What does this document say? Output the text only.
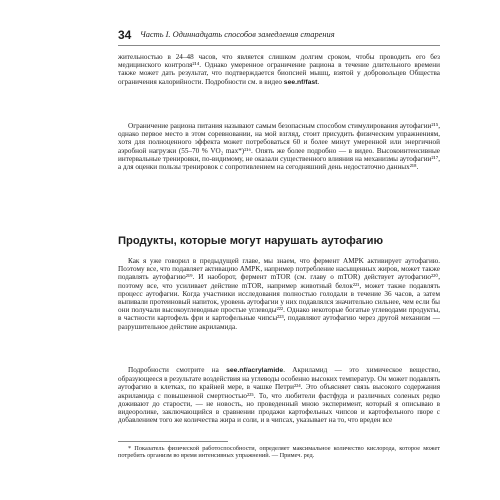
34 Часть I. Одиннадцать способов замедления старения

жительностью в 24–48 часов, что является слишком долгим сроком, чтобы проводить его без медицинского контроля²¹⁴. Однако умеренное ограничение рациона в течение длительного времени также может дать результат, что подтверждается биопсией мышц, взятой у добровольцев Общества ограничения калорийности. Подробности см. в видео see.nf/fast.

Ограничение рациона питания называют самым безопасным способом стимулирования аутофагии²¹⁵, однако первое место в этом соревновании, на мой взгляд, стоит присудить физическим упражнениям, хотя для полноценного эффекта может потребоваться 60 и более минут умеренной или энергичной аэробной нагрузки (55–70 % VO₂ max*)²¹⁶. Опять же более подробно — в видео. Высокоинтенсивные интервальные тренировки, по-видимому, не оказали существенного влияния на механизмы аутофагии²¹⁷, а для оценки пользы тренировок с сопротивлением на сегодняшний день недостаточно данных²¹⁸.

Продукты, которые могут нарушать аутофагию

Как я уже говорил в предыдущей главе, мы знаем, что фермент AMPK активирует аутофагию. Поэтому все, что подавляет активацию AMPK, например потребление насыщенных жиров, может также подавлять аутофагию²¹⁹. И наоборот, фермент mTOR (см. главу о mTOR) действует аутофагию²²⁰, поэтому все, что усиливает действие mTOR, например животный белок²²¹, может также подавлять процесс аутофагии. Когда участники исследования полностью голодали в течение 36 часов, а затем выпивали протеиновый напиток, уровень аутофагии у них подавлялся значительно сильнее, чем если бы они получали высокоуглеводные простые углеводы²²². Однако некоторые богатые углеводами продукты, в частности картофель фри и картофельные чипсы²²³, подавляют аутофагию через другой механизм — разрушительное действие акриламида.

Подробности смотрите на see.nf/acrylamide. Акриламид — это химическое вещество, образующееся в результате воздействия на углеводы особенно высоких температур. Он может подавлять аутофагию в клетках, по крайней мере, в чашке Петри²²⁴. Это объясняет связь высокого содержания акриламида с повышенной смертностью²²⁵. То, что любители фастфуда и различных соленых редко доживают до старости, — не новость, но проведенный мною эксперимент, который я описываю в видеоролике, заключающийся в сравнении продажи картофельных чипсов и картофельного пюре с добавлением того же количества жира и соли, и в чипсах, указывает на то, что вреден все

* Показатель физической работоспособности, определяет максимальное количество кислорода, которое может потребить организм во время интенсивных упражнений. — Примеч. ред.
